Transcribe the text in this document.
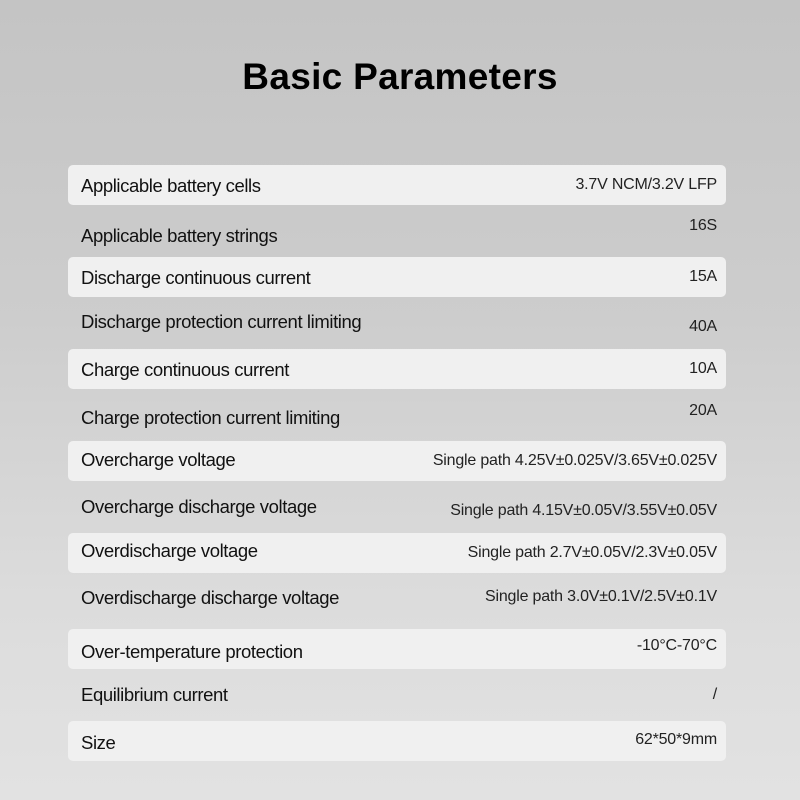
Basic Parameters
Applicable battery cells	3.7V NCM/3.2V LFP
Applicable battery strings	16S
Discharge continuous current	15A
Discharge protection current limiting	40A
Charge continuous current	10A
Charge protection current limiting	20A
Overcharge voltage	Single path 4.25V±0.025V/3.65V±0.025V
Overcharge discharge voltage	Single path 4.15V±0.05V/3.55V±0.05V
Overdischarge voltage	Single path 2.7V±0.05V/2.3V±0.05V
Overdischarge discharge voltage	Single path 3.0V±0.1V/2.5V±0.1V
Over-temperature protection	-10°C-70°C
Equilibrium current	/
Size	62*50*9mm
